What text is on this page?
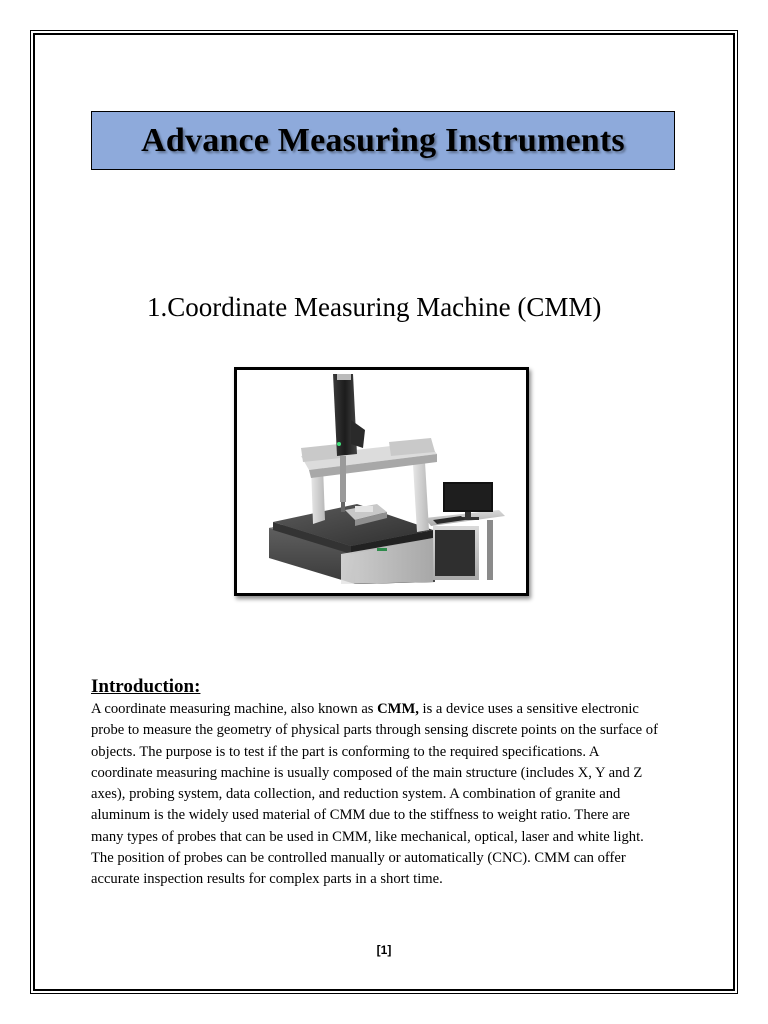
Advance Measuring Instruments
1.Coordinate Measuring Machine (CMM)
Introduction:
A coordinate measuring machine, also known as CMM, is a device uses a sensitive electronic
probe to measure the geometry of physical parts through sensing discrete points on the surface of
objects. The purpose is to test if the part is conforming to the required specifications. A
coordinate measuring machine is usually composed of the main structure (includes X, Y and Z
axes), probing system, data collection, and reduction system. A combination of granite and
aluminum is the widely used material of CMM due to the stiffness to weight ratio. There are
many types of probes that can be used in CMM, like mechanical, optical, laser and white light.
The position of probes can be controlled manually or automatically (CNC). CMM can offer
accurate inspection results for complex parts in a short time.
[1]
